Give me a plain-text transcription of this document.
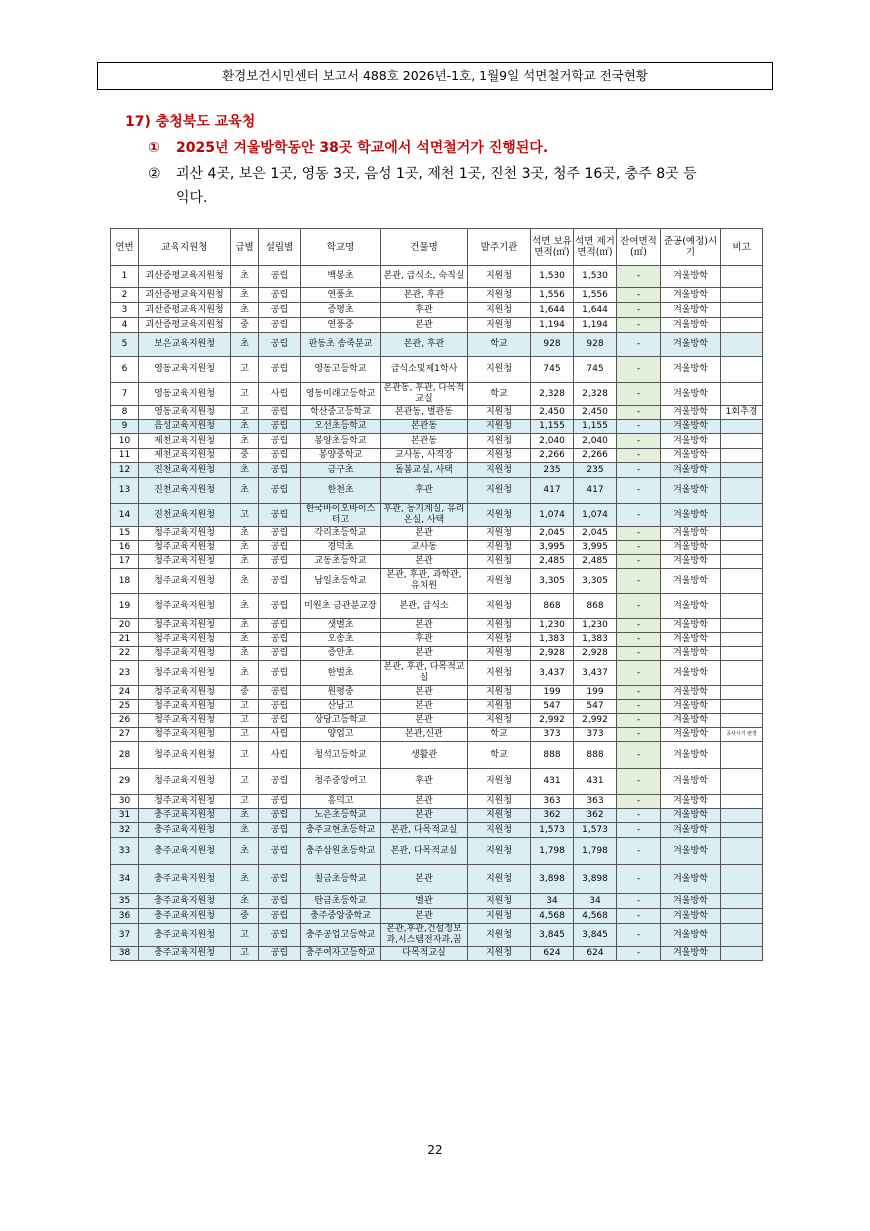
환경보건시민센터 보고서 488호 2026년-1호, 1월9일 석면철거학교 전국현황
17) 충청북도 교육청
① 2025년 겨울방학동안 38곳 학교에서 석면철거가 진행된다.
② 괴산 4곳, 보은 1곳, 영동 3곳, 음성 1곳, 제천 1곳, 진천 3곳, 청주 16곳, 충주 8곳 등
익다.
연번	교육지원청	급별	설립별	학교명	건물명	발주기관	석면 보유 면적(㎡)	석면 제거 면적(㎡)	잔여면적(㎡)	준공(예정)시기	비고
1	괴산증평교육지원청	초	공립	백봉초	본관, 급식소, 숙직실	지원청	1,530	1,530	-	겨울방학	
2	괴산증평교육지원청	초	공립	연풍초	본관, 후관	지원청	1,556	1,556	-	겨울방학	
3	괴산증평교육지원청	초	공립	증평초	후관	지원청	1,644	1,644	-	겨울방학	
4	괴산증평교육지원청	중	공립	연풍중	본관	지원청	1,194	1,194	-	겨울방학	
5	보은교육지원청	초	공립	판동초 송죽분교	본관, 후관	학교	928	928	-	겨울방학	
6	영동교육지원청	고	공립	영동고등학교	급식소및제1학사	지원청	745	745	-	겨울방학	
7	영동교육지원청	고	사립	영동미래고등학교	본관동, 후관, 다목적교실	학교	2,328	2,328	-	겨울방학	
8	영동교육지원청	고	공립	학산중고등학교	본관동, 별관동	지원청	2,450	2,450	-	겨울방학	1회추경
9	음성교육지원청	초	공립	오선초등학교	본관동	지원청	1,155	1,155	-	겨울방학	
10	제천교육지원청	초	공립	봉양초등학교	본관동	지원청	2,040	2,040	-	겨울방학	
11	제천교육지원청	중	공립	봉양중학교	교사동, 사격장	지원청	2,266	2,266	-	겨울방학	
12	진천교육지원청	초	공립	금구초	돌봄교실, 사택	지원청	235	235	-	겨울방학	
13	진천교육지원청	초	공립	한천초	후관	지원청	417	417	-	겨울방학	
14	진천교육지원청	고	공립	한국바이오바이스터고	후관, 농기계실, 유리온실, 사택	지원청	1,074	1,074	-	겨울방학	
15	청주교육지원청	초	공립	각리초등학교	본관	지원청	2,045	2,045	-	겨울방학	
16	청주교육지원청	초	공립	경덕초	교사동	지원청	3,995	3,995	-	겨울방학	
17	청주교육지원청	초	공립	교동초등학교	본관	지원청	2,485	2,485	-	겨울방학	
18	청주교육지원청	초	공립	남일초등학교	본관, 후관, 과학관, 유치원	지원청	3,305	3,305	-	겨울방학	
19	청주교육지원청	초	공립	미원초 금관분교장	본관, 급식소	지원청	868	868	-	겨울방학	
20	청주교육지원청	초	공립	샛별초	본관	지원청	1,230	1,230	-	겨울방학	
21	청주교육지원청	초	공립	오송초	후관	지원청	1,383	1,383	-	겨울방학	
22	청주교육지원청	초	공립	증안초	본관	지원청	2,928	2,928	-	겨울방학	
23	청주교육지원청	초	공립	한벌초	본관, 후관, 다목적교실	지원청	3,437	3,437	-	겨울방학	
24	청주교육지원청	중	공립	원평중	본관	지원청	199	199	-	겨울방학	
25	청주교육지원청	고	공립	산남고	본관	지원청	547	547	-	겨울방학	
26	청주교육지원청	고	공립	상당고등학교	본관	지원청	2,992	2,992	-	겨울방학	
27	청주교육지원청	고	사립	양업고	본관,신관	학교	373	373	-	겨울방학	공사시기 변경
28	청주교육지원청	고	사립	청석고등학교	생활관	학교	888	888	-	겨울방학	
29	청주교육지원청	고	공립	청주중앙여고	후관	지원청	431	431	-	겨울방학	
30	청주교육지원청	고	공립	흥덕고	본관	지원청	363	363	-	겨울방학	
31	충주교육지원청	초	공립	노은초등학교	본관	지원청	362	362	-	겨울방학	
32	충주교육지원청	초	공립	충주교현초등학교	본관, 다목적교실	지원청	1,573	1,573	-	겨울방학	
33	충주교육지원청	초	공립	충주삼원초등학교	본관, 다목적교실	지원청	1,798	1,798	-	겨울방학	
34	충주교육지원청	초	공립	칠금초등학교	본관	지원청	3,898	3,898	-	겨울방학	
35	충주교육지원청	초	공립	탄금초등학교	별관	지원청	34	34	-	겨울방학	
36	충주교육지원청	중	공립	충주중앙중학교	본관	지원청	4,568	4,568	-	겨울방학	
37	충주교육지원청	고	공립	충주공업고등학교	본관,후관,건설정보과,시스템전자과,꿈	지원청	3,845	3,845	-	겨울방학	
38	충주교육지원청	고	공립	충주여자고등학교	다목적교실	지원청	624	624	-	겨울방학	
22
